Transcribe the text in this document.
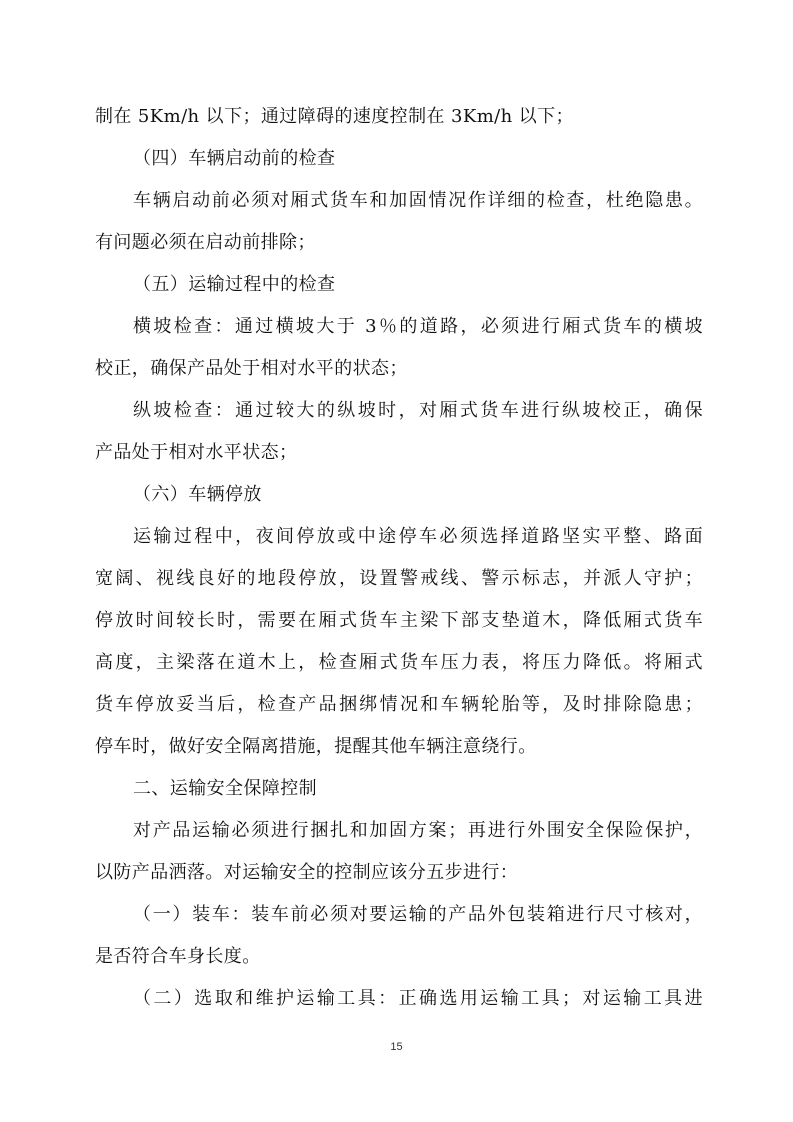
制在 5Km/h 以下；通过障碍的速度控制在 3Km/h 以下；
（四）车辆启动前的检查
车辆启动前必须对厢式货车和加固情况作详细的检查，杜绝隐患。
有问题必须在启动前排除；
（五）运输过程中的检查
横坡检查：通过横坡大于 3％的道路，必须进行厢式货车的横坡
校正，确保产品处于相对水平的状态；
纵坡检查：通过较大的纵坡时，对厢式货车进行纵坡校正，确保
产品处于相对水平状态；
（六）车辆停放
运输过程中，夜间停放或中途停车必须选择道路坚实平整、路面
宽阔、视线良好的地段停放，设置警戒线、警示标志，并派人守护；
停放时间较长时，需要在厢式货车主梁下部支垫道木，降低厢式货车
高度，主梁落在道木上，检查厢式货车压力表，将压力降低。将厢式
货车停放妥当后，检查产品捆绑情况和车辆轮胎等，及时排除隐患；
停车时，做好安全隔离措施，提醒其他车辆注意绕行。
二、运输安全保障控制
对产品运输必须进行捆扎和加固方案；再进行外围安全保险保护，
以防产品洒落。对运输安全的控制应该分五步进行：
（一）装车：装车前必须对要运输的产品外包装箱进行尺寸核对，
是否符合车身长度。
（二）选取和维护运输工具：正确选用运输工具；对运输工具进
15
